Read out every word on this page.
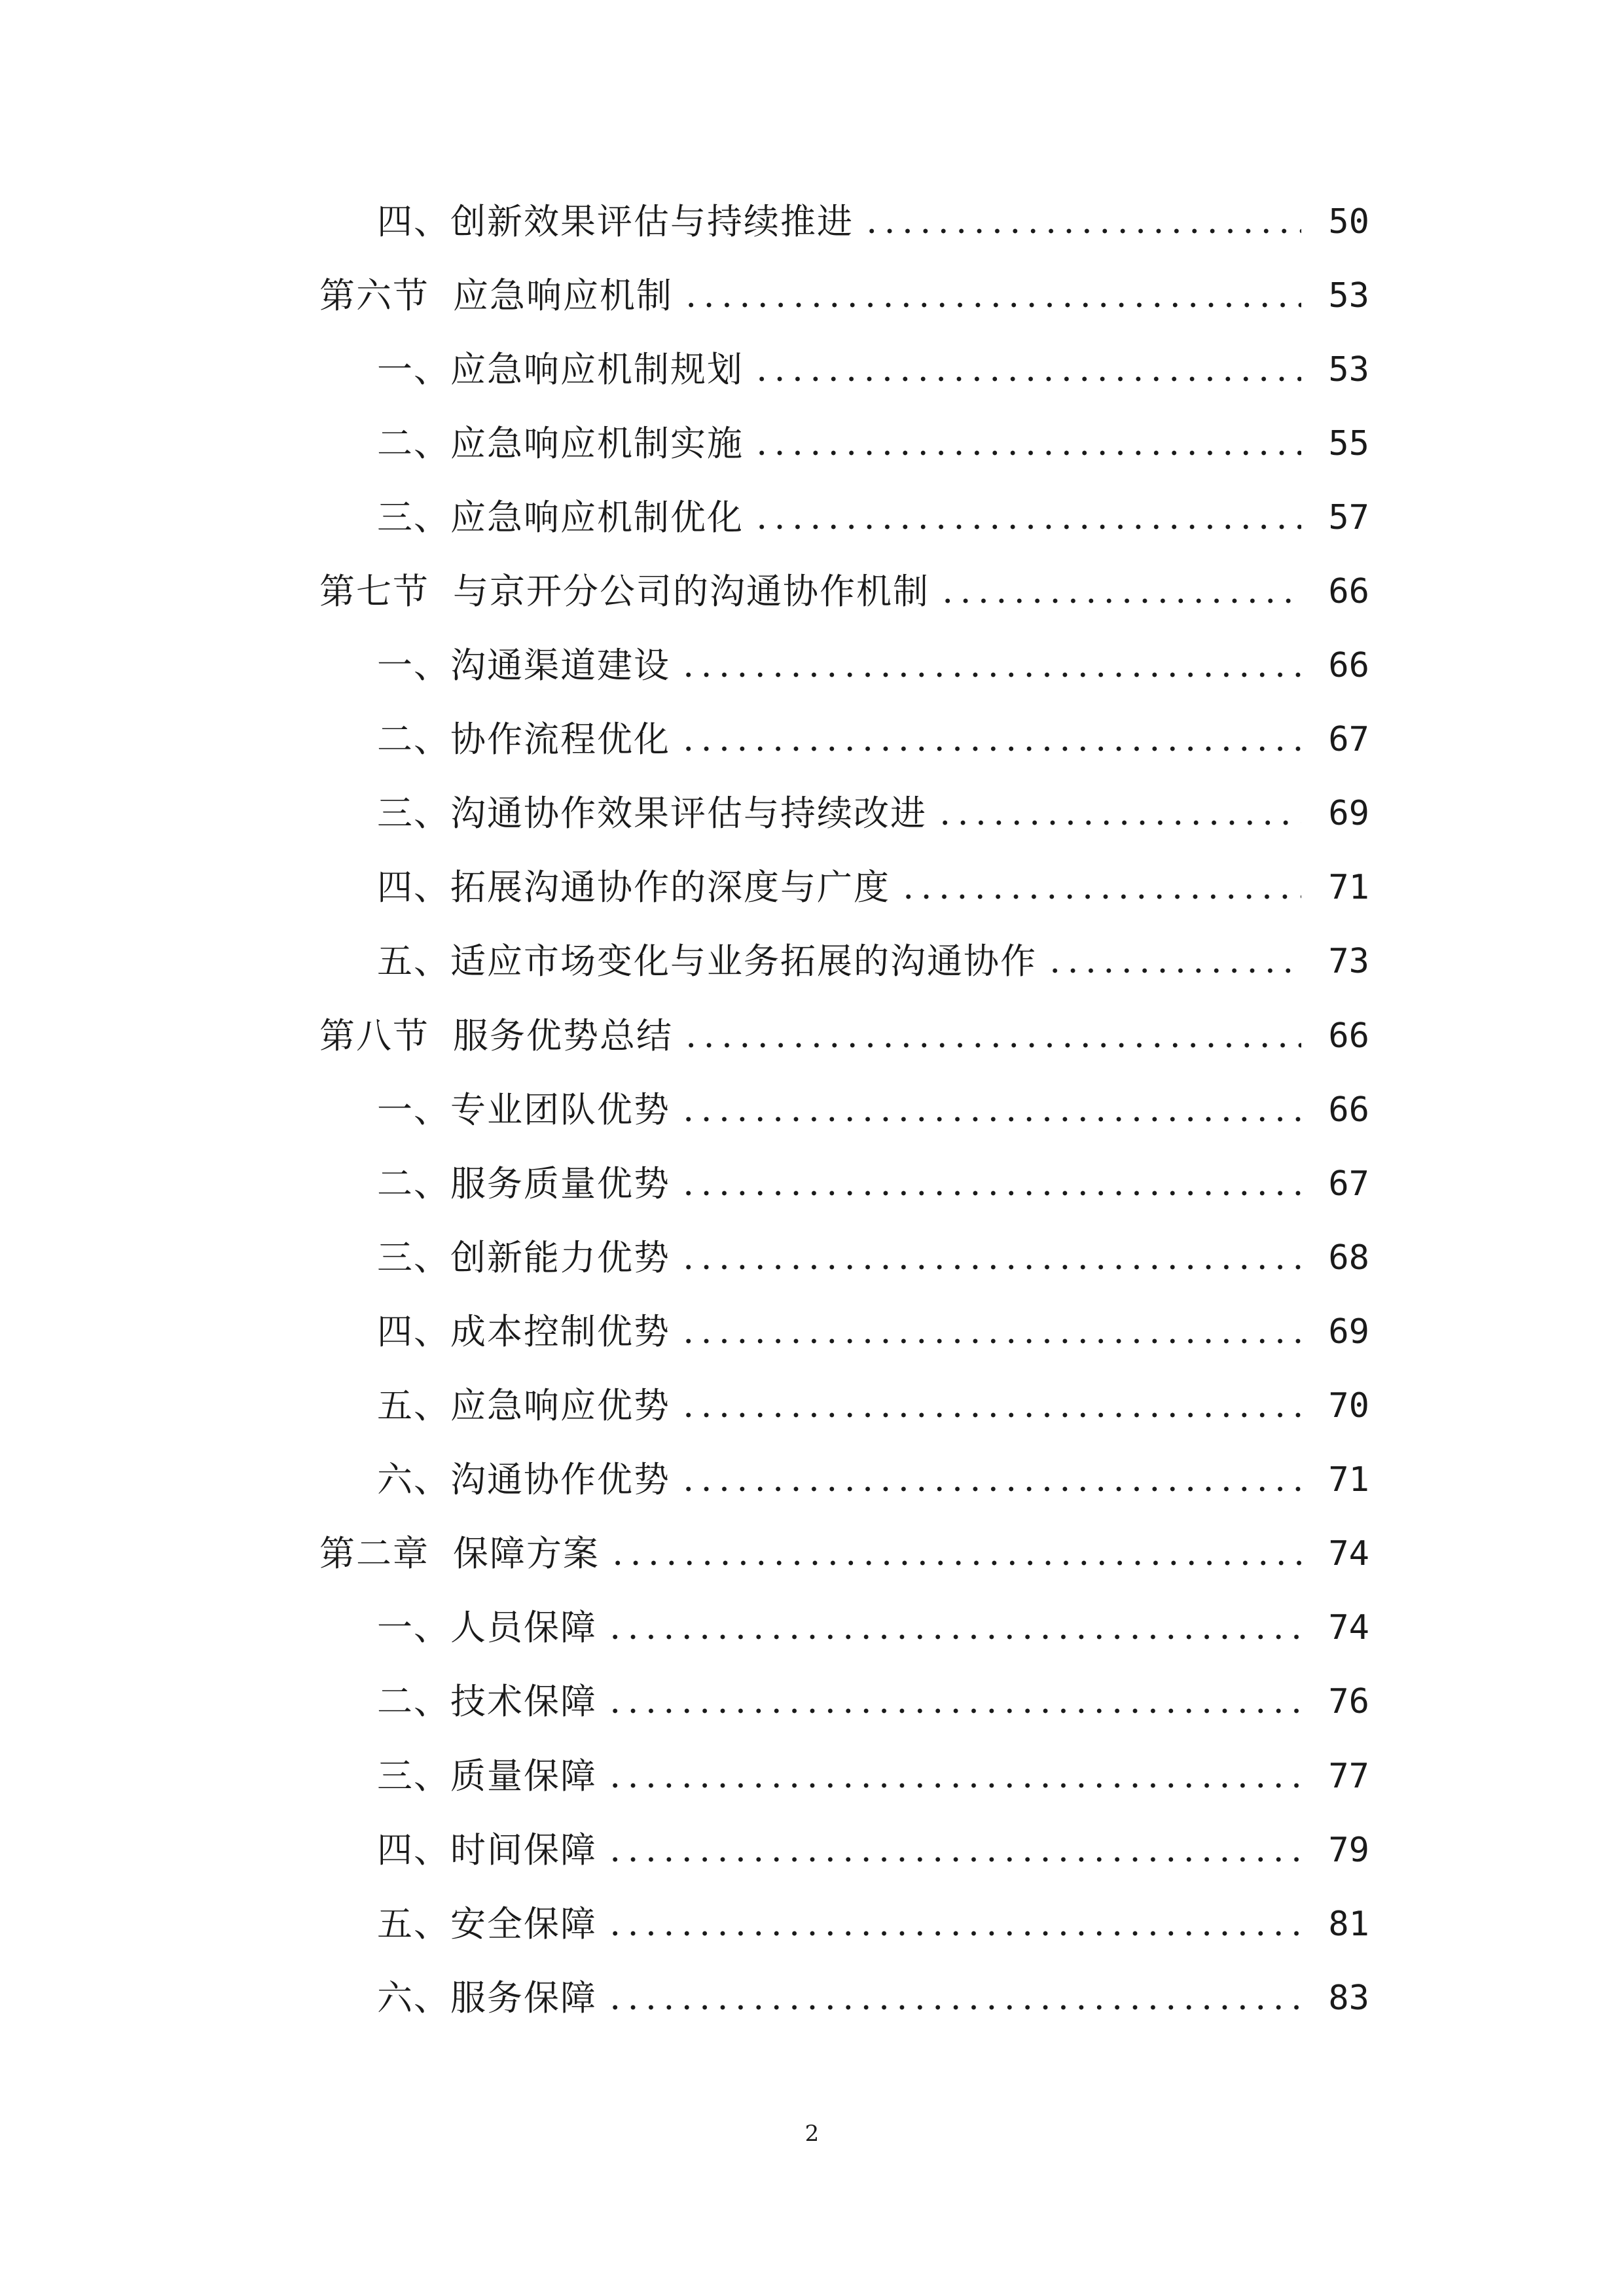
四、创新效果评估与持续推进	50
第六节 应急响应机制	53
一、应急响应机制规划	53
二、应急响应机制实施	55
三、应急响应机制优化	57
第七节 与京开分公司的沟通协作机制	66
一、沟通渠道建设	66
二、协作流程优化	67
三、沟通协作效果评估与持续改进	69
四、拓展沟通协作的深度与广度	71
五、适应市场变化与业务拓展的沟通协作	73
第八节 服务优势总结	66
一、专业团队优势	66
二、服务质量优势	67
三、创新能力优势	68
四、成本控制优势	69
五、应急响应优势	70
六、沟通协作优势	71
第二章 保障方案	74
一、人员保障	74
二、技术保障	76
三、质量保障	77
四、时间保障	79
五、安全保障	81
六、服务保障	83
2
